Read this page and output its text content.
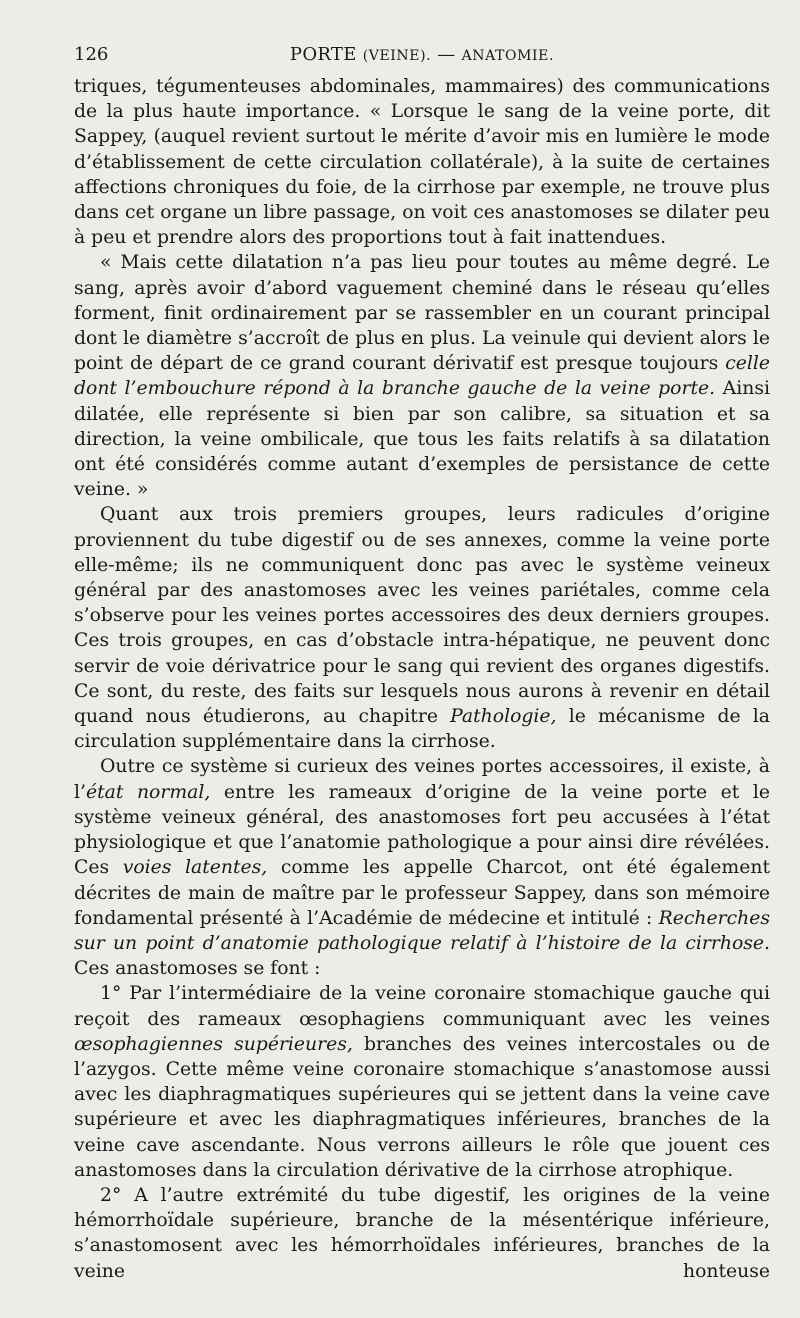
126	PORTE (VEINE). — ANATOMIE.

triques, tégumenteuses abdominales, mammaires) des communications de la plus haute importance. « Lorsque le sang de la veine porte, dit Sappey, (auquel revient surtout le mérite d’avoir mis en lumière le mode d’établissement de cette circulation collatérale), à la suite de certaines affections chroniques du foie, de la cirrhose par exemple, ne trouve plus dans cet organe un libre passage, on voit ces anastomoses se dilater peu à peu et prendre alors des proportions tout à fait inattendues.

« Mais cette dilatation n’a pas lieu pour toutes au même degré. Le sang, après avoir d’abord vaguement cheminé dans le réseau qu’elles forment, finit ordinairement par se rassembler en un courant principal dont le diamètre s’accroît de plus en plus. La veinule qui devient alors le point de départ de ce grand courant dérivatif est presque toujours celle dont l’embouchure répond à la branche gauche de la veine porte. Ainsi dilatée, elle représente si bien par son calibre, sa situation et sa direction, la veine ombilicale, que tous les faits relatifs à sa dilatation ont été considérés comme autant d’exemples de persistance de cette veine. »

Quant aux trois premiers groupes, leurs radicules d’origine proviennent du tube digestif ou de ses annexes, comme la veine porte elle-même; ils ne communiquent donc pas avec le système veineux général par des anastomoses avec les veines pariétales, comme cela s’observe pour les veines portes accessoires des deux derniers groupes. Ces trois groupes, en cas d’obstacle intra-hépatique, ne peuvent donc servir de voie dérivatrice pour le sang qui revient des organes digestifs. Ce sont, du reste, des faits sur lesquels nous aurons à revenir en détail quand nous étudierons, au chapitre Pathologie, le mécanisme de la circulation supplémentaire dans la cirrhose.

Outre ce système si curieux des veines portes accessoires, il existe, à l’état normal, entre les rameaux d’origine de la veine porte et le système veineux général, des anastomoses fort peu accusées à l’état physiologique et que l’anatomie pathologique a pour ainsi dire révélées. Ces voies latentes, comme les appelle Charcot, ont été également décrites de main de maître par le professeur Sappey, dans son mémoire fondamental présenté à l’Académie de médecine et intitulé : Recherches sur un point d’anatomie pathologique relatif à l’histoire de la cirrhose. Ces anastomoses se font :

1° Par l’intermédiaire de la veine coronaire stomachique gauche qui reçoit des rameaux œsophagiens communiquant avec les veines œsophagiennes supérieures, branches des veines intercostales ou de l’azygos. Cette même veine coronaire stomachique s’anastomose aussi avec les diaphragmatiques supérieures qui se jettent dans la veine cave supérieure et avec les diaphragmatiques inférieures, branches de la veine cave ascendante. Nous verrons ailleurs le rôle que jouent ces anastomoses dans la circulation dérivative de la cirrhose atrophique.

2° A l’autre extrémité du tube digestif, les origines de la veine hémorrhoïdale supérieure, branche de la mésentérique inférieure, s’anastomosent avec les hémorrhoïdales inférieures, branches de la veine honteuse
